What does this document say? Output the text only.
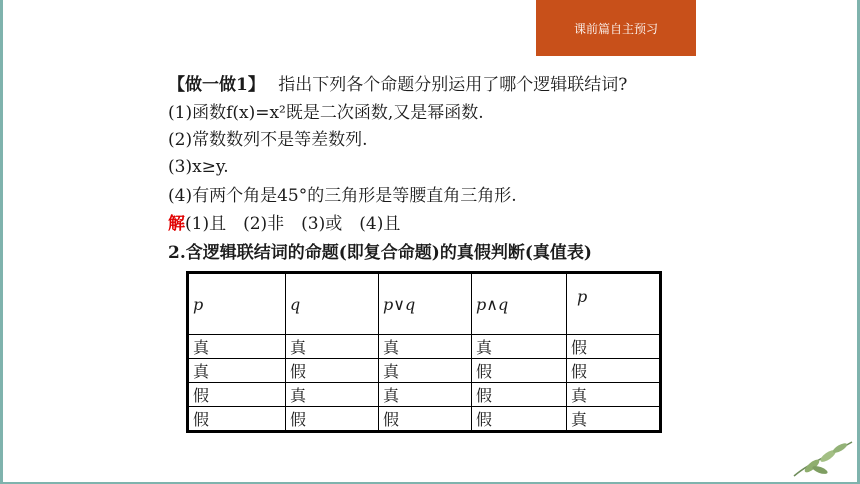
课前篇自主预习
【做一做1】 指出下列各个命题分别运用了哪个逻辑联结词?
(1)函数f(x)=x²既是二次函数,又是幂函数.
(2)常数数列不是等差数列.
(3)x≥y.
(4)有两个角是45°的三角形是等腰直角三角形.
解(1)且　(2)非　(3)或　(4)且
2.含逻辑联结词的命题(即复合命题)的真假判断(真值表)
p	q	p∨q	p∧q	p
真	真	真	真	假
真	假	真	假	假
假	真	真	假	真
假	假	假	假	真
